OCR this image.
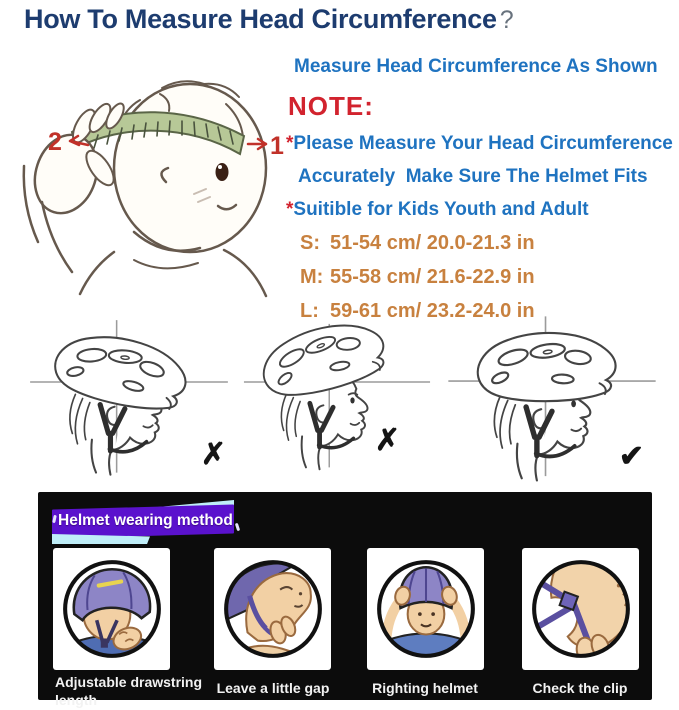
How To Measure Head Circumference ?
2	1
Measure Head Circumference As Shown
NOTE:
*Please Measure Your Head Circumference
Accurately  Make Sure The Helmet Fits
*Suitible for Kids Youth and Adult
S: 51-54 cm/ 20.0-21.3 in
M: 55-58 cm/ 21.6-22.9 in
L: 59-61 cm/ 23.2-24.0 in
✗	✗	✔
Helmet wearing method
Adjustable drawstring length
Leave a little gap	Righting helmet	Check the clip
